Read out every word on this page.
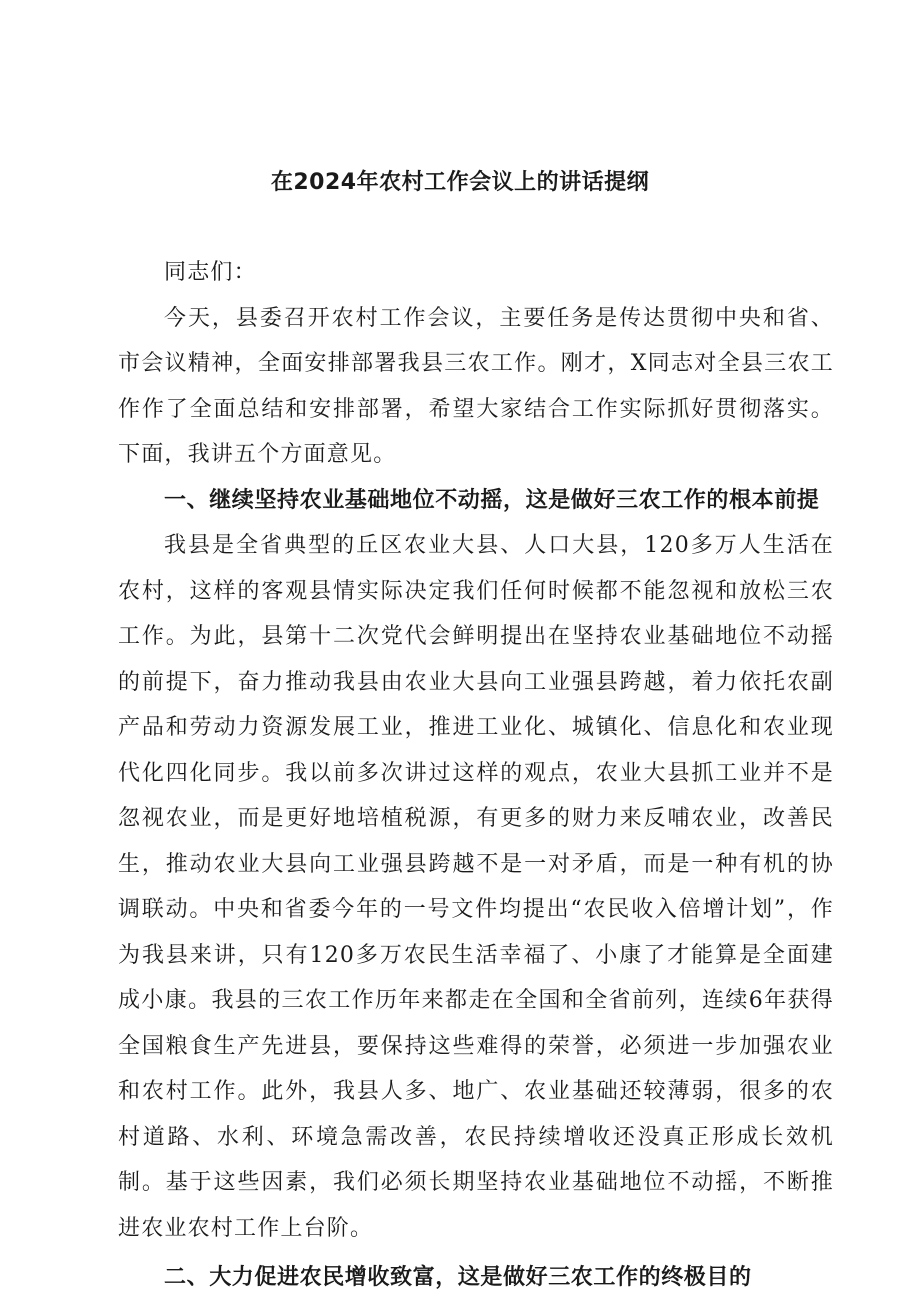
在2024年农村工作会议上的讲话提纲

同志们：

今天，县委召开农村工作会议，主要任务是传达贯彻中央和省、市会议精神，全面安排部署我县三农工作。刚才，X同志对全县三农工作作了全面总结和安排部署，希望大家结合工作实际抓好贯彻落实。下面，我讲五个方面意见。

一、继续坚持农业基础地位不动摇，这是做好三农工作的根本前提

我县是全省典型的丘区农业大县、人口大县，120多万人生活在农村，这样的客观县情实际决定我们任何时候都不能忽视和放松三农工作。为此，县第十二次党代会鲜明提出在坚持农业基础地位不动摇的前提下，奋力推动我县由农业大县向工业强县跨越，着力依托农副产品和劳动力资源发展工业，推进工业化、城镇化、信息化和农业现代化四化同步。我以前多次讲过这样的观点，农业大县抓工业并不是忽视农业，而是更好地培植税源，有更多的财力来反哺农业，改善民生，推动农业大县向工业强县跨越不是一对矛盾，而是一种有机的协调联动。中央和省委今年的一号文件均提出“农民收入倍增计划”，作为我县来讲，只有120多万农民生活幸福了、小康了才能算是全面建成小康。我县的三农工作历年来都走在全国和全省前列，连续6年获得全国粮食生产先进县，要保持这些难得的荣誉，必须进一步加强农业和农村工作。此外，我县人多、地广、农业基础还较薄弱，很多的农村道路、水利、环境急需改善，农民持续增收还没真正形成长效机制。基于这些因素，我们必须长期坚持农业基础地位不动摇，不断推进农业农村工作上台阶。

二、大力促进农民增收致富，这是做好三农工作的终极目的
